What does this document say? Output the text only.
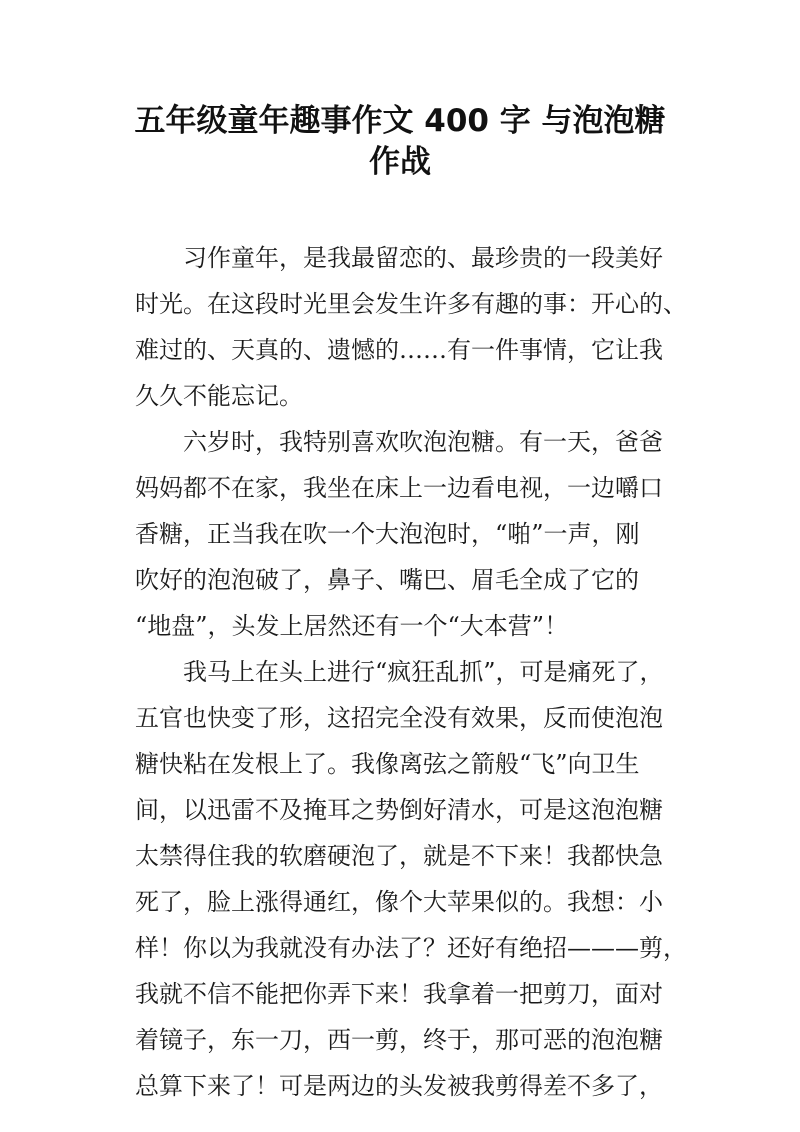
五年级童年趣事作文 400 字 与泡泡糖
作战
　　习作童年，是我最留恋的、最珍贵的一段美好
时光。在这段时光里会发生许多有趣的事：开心的、
难过的、天真的、遗憾的……有一件事情，它让我
久久不能忘记。
　　六岁时，我特别喜欢吹泡泡糖。有一天，爸爸
妈妈都不在家，我坐在床上一边看电视，一边嚼口
香糖，正当我在吹一个大泡泡时，“啪”一声，刚
吹好的泡泡破了，鼻子、嘴巴、眉毛全成了它的
“地盘”，头发上居然还有一个“大本营”！
　　我马上在头上进行“疯狂乱抓”，可是痛死了，
五官也快变了形，这招完全没有效果，反而使泡泡
糖快粘在发根上了。我像离弦之箭般“飞”向卫生
间，以迅雷不及掩耳之势倒好清水，可是这泡泡糖
太禁得住我的软磨硬泡了，就是不下来！我都快急
死了，脸上涨得通红，像个大苹果似的。我想：小
样！你以为我就没有办法了？还好有绝招———剪，
我就不信不能把你弄下来！我拿着一把剪刀，面对
着镜子，东一刀，西一剪，终于，那可恶的泡泡糖
总算下来了！可是两边的头发被我剪得差不多了，
